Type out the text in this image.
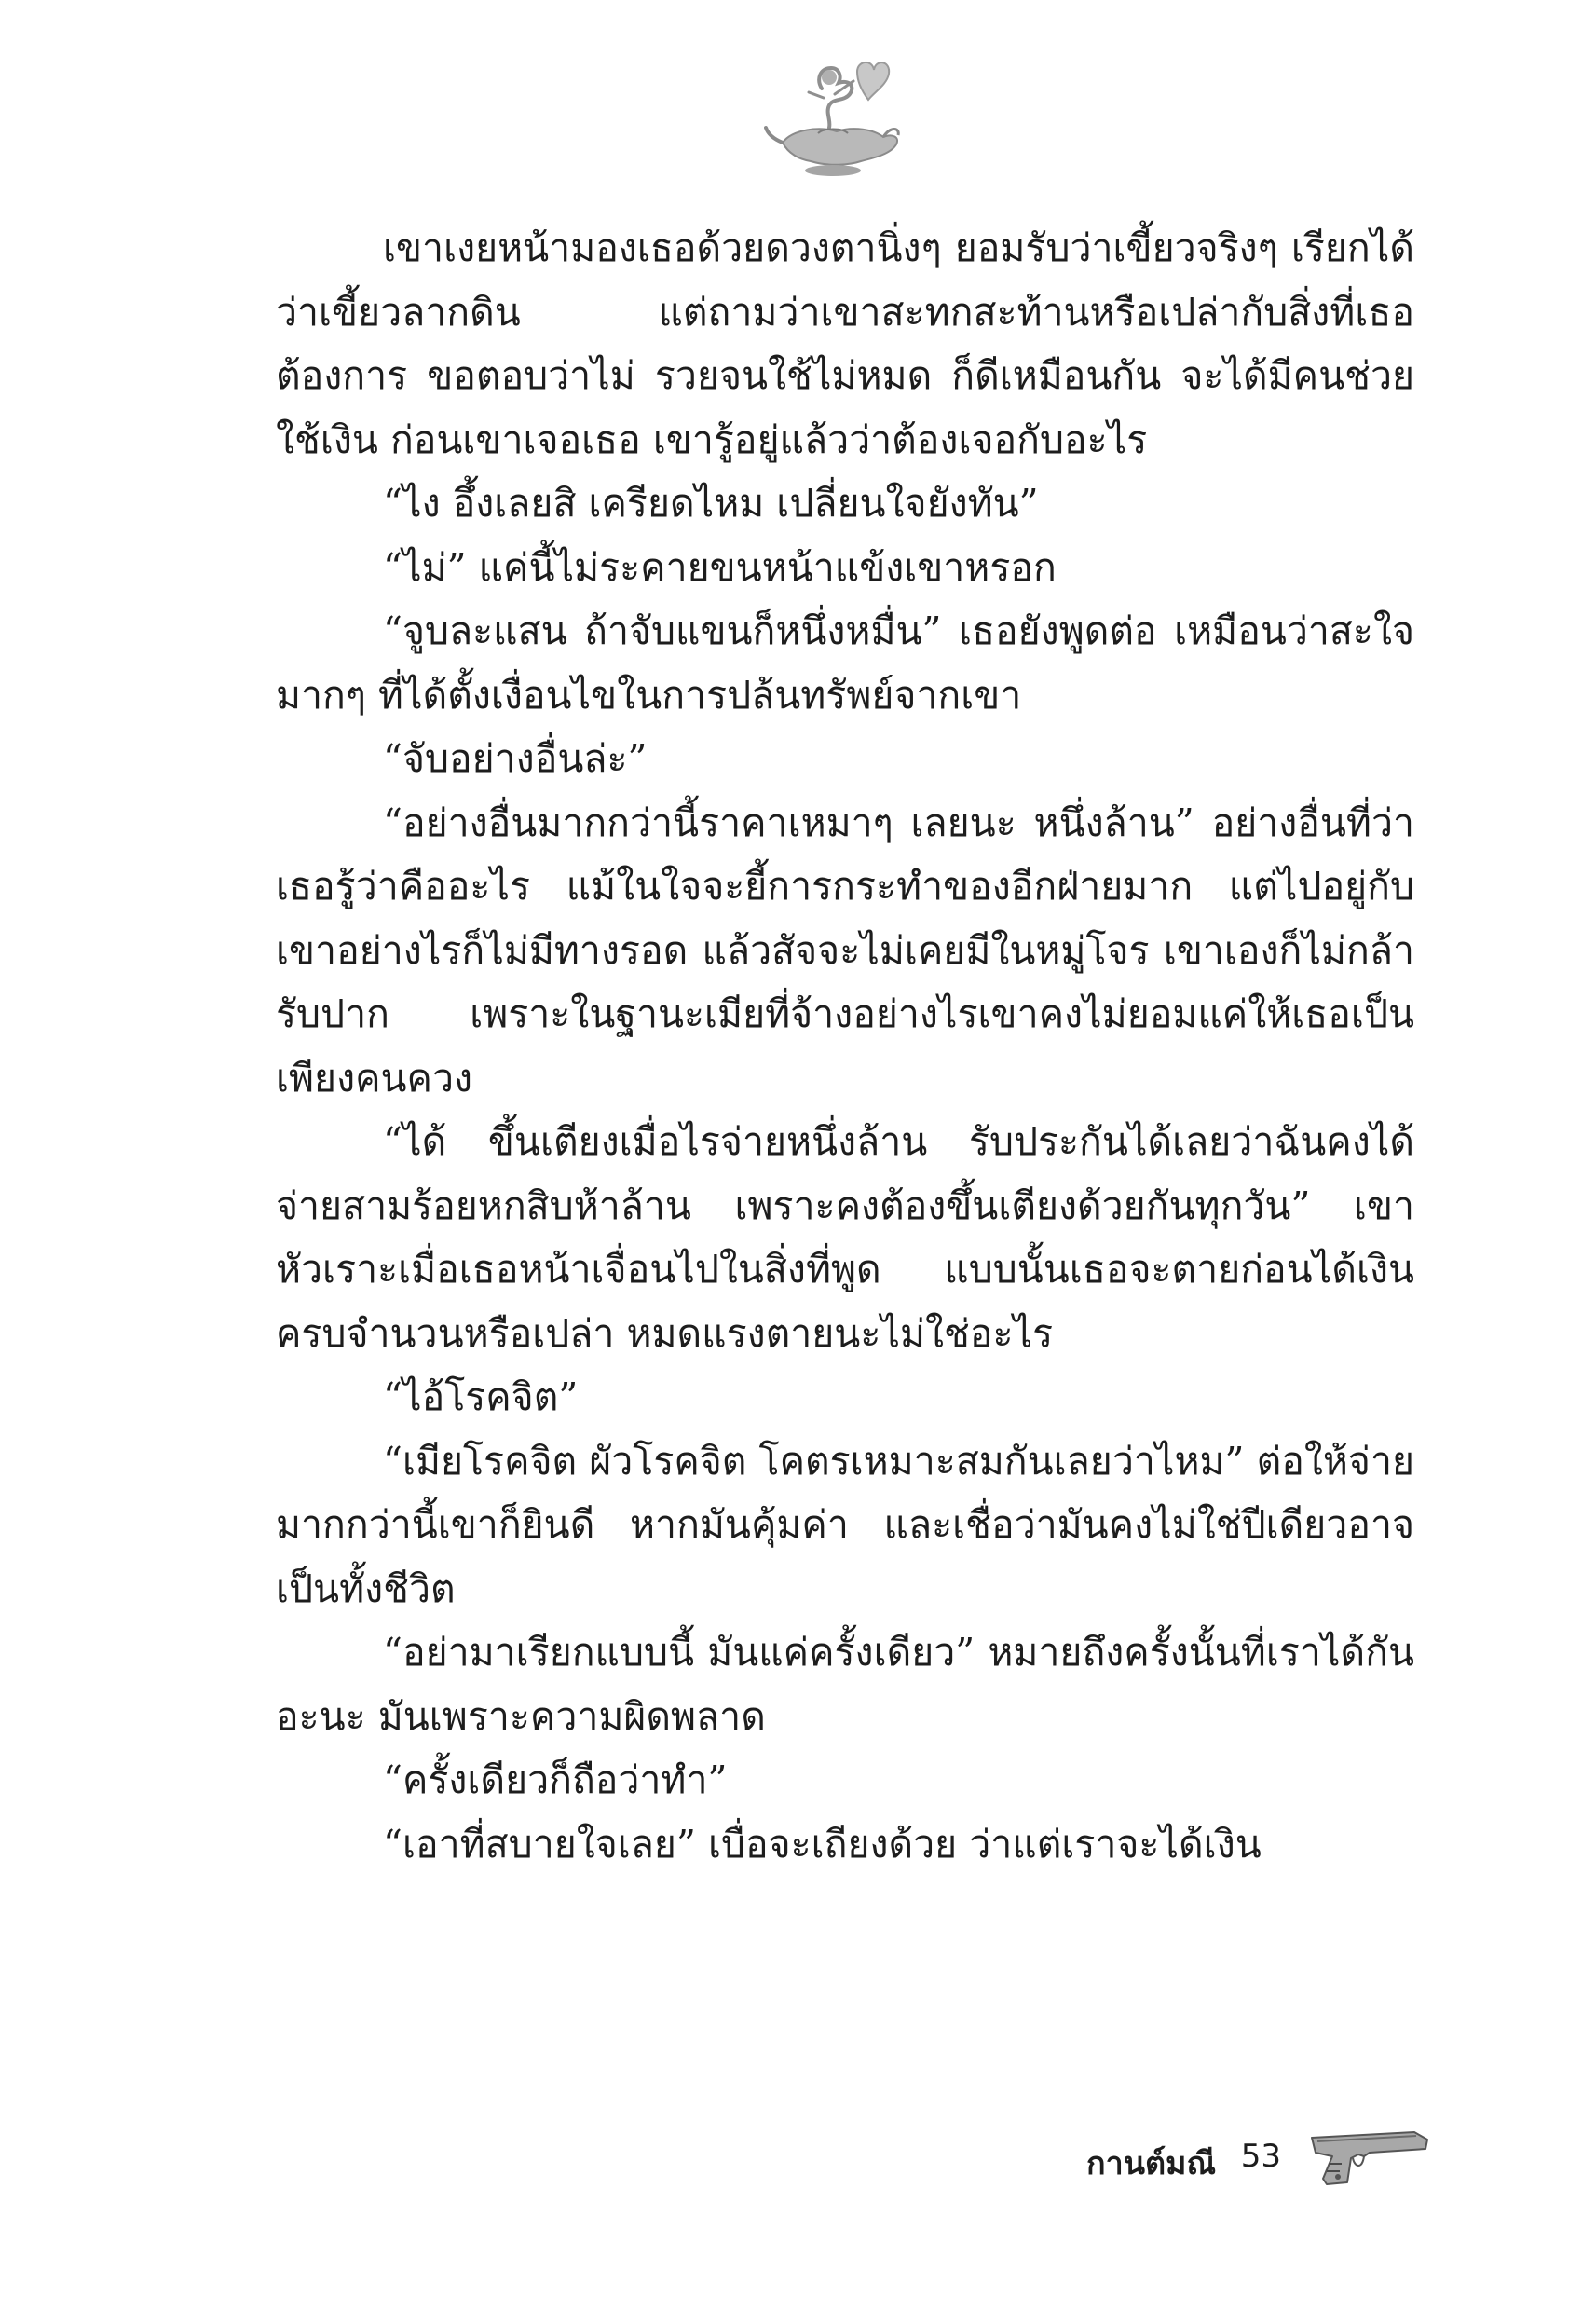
เขาเงยหน้ามองเธอด้วยดวงตานิ่งๆ ยอมรับว่าเขี้ยวจริงๆ เรียกได้ว่าเขี้ยวลากดิน แต่ถามว่าเขาสะทกสะท้านหรือเปล่ากับสิ่งที่เธอต้องการ ขอตอบว่าไม่ รวยจนใช้ไม่หมด ก็ดีเหมือนกัน จะได้มีคนช่วยใช้เงิน ก่อนเขาเจอเธอ เขารู้อยู่แล้วว่าต้องเจอกับอะไร

“ไง อึ้งเลยสิ เครียดไหม เปลี่ยนใจยังทัน”

“ไม่” แค่นี้ไม่ระคายขนหน้าแข้งเขาหรอก

“จูบละแสน ถ้าจับแขนก็หนึ่งหมื่น” เธอยังพูดต่อ เหมือนว่าสะใจมากๆ ที่ได้ตั้งเงื่อนไขในการปล้นทรัพย์จากเขา

“จับอย่างอื่นล่ะ”

“อย่างอื่นมากกว่านี้ราคาเหมาๆ เลยนะ หนึ่งล้าน” อย่างอื่นที่ว่าเธอรู้ว่าคืออะไร แม้ในใจจะยี้การกระทำของอีกฝ่ายมาก แต่ไปอยู่กับเขาอย่างไรก็ไม่มีทางรอด แล้วสัจจะไม่เคยมีในหมู่โจร เขาเองก็ไม่กล้ารับปาก เพราะในฐานะเมียที่จ้างอย่างไรเขาคงไม่ยอมแค่ให้เธอเป็นเพียงคนควง

“ได้ ขึ้นเตียงเมื่อไรจ่ายหนึ่งล้าน รับประกันได้เลยว่าฉันคงได้จ่ายสามร้อยหกสิบห้าล้าน เพราะคงต้องขึ้นเตียงด้วยกันทุกวัน” เขาหัวเราะเมื่อเธอหน้าเจื่อนไปในสิ่งที่พูด แบบนั้นเธอจะตายก่อนได้เงินครบจำนวนหรือเปล่า หมดแรงตายนะไม่ใช่อะไร

“ไอ้โรคจิต”

“เมียโรคจิต ผัวโรคจิต โคตรเหมาะสมกันเลยว่าไหม” ต่อให้จ่ายมากกว่านี้เขาก็ยินดี หากมันคุ้มค่า และเชื่อว่ามันคงไม่ใช่ปีเดียวอาจเป็นทั้งชีวิต

“อย่ามาเรียกแบบนี้ มันแค่ครั้งเดียว” หมายถึงครั้งนั้นที่เราได้กันอะนะ มันเพราะความผิดพลาด

“ครั้งเดียวก็ถือว่าทำ”

“เอาที่สบายใจเลย” เบื่อจะเถียงด้วย ว่าแต่เราจะได้เงิน

กานต์มณี 53
